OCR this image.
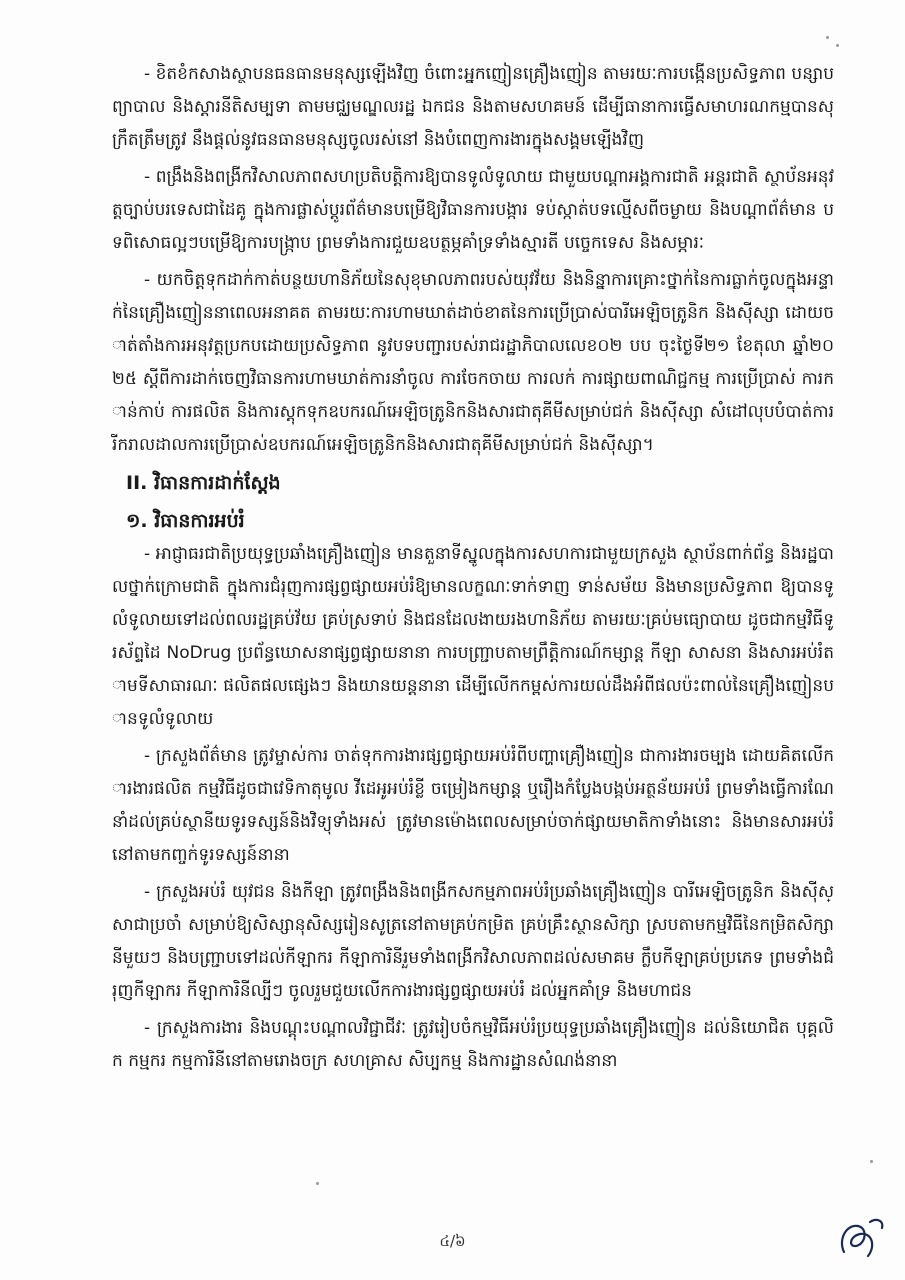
- ខិតខំកសាងស្ថាបនធនធានមនុស្សឡើងវិញ ចំពោះអ្នកញៀនគ្រឿងញៀន តាមរយៈការបង្កើនប្រសិទ្ធភាព បន្សាបព្យាបាល និងស្តារនីតិសម្បទា តាមមជ្ឈមណ្ឌលរដ្ឋ ឯកជន និងតាមសហគមន៍ ដើម្បីធានាការធ្វើសមាហរណកម្មបានសុក្រឹតត្រឹមត្រូវ នឹងផ្តល់នូវធនធានមនុស្សចូលរស់នៅ និងបំពេញការងារក្នុងសង្គមឡើងវិញ

- ពង្រឹងនិងពង្រីកវិសាលភាពសហប្រតិបត្តិការឱ្យបានទូលំទូលាយ ជាមួយបណ្តាអង្គការជាតិ អន្តរជាតិ ស្ថាប័នអនុវត្តច្បាប់បរទេសជាដៃគូ ក្នុងការផ្លាស់ប្តូរព័ត៌មានបម្រើឱ្យវិធានការបង្ការ ទប់ស្កាត់បទល្មើសពីចម្ងាយ និងបណ្តាព័ត៌មាន បទពិសោធល្អៗបម្រើឱ្យការបង្ក្រាប ព្រមទាំងការជួយឧបត្ថម្ភគាំទ្រទាំងស្មារតី បច្ចេកទេស និងសម្ភារៈ

- យកចិត្តទុកដាក់កាត់បន្ថយហានិភ័យនៃសុខុមាលភាពរបស់យុវវ័យ និងនិន្នាការគ្រោះថ្នាក់នៃការធ្លាក់ចូលក្នុងអន្ទាក់នៃគ្រឿងញៀននាពេលអនាគត តាមរយៈការហាមឃាត់ដាច់ខាតនៃការប្រើប្រាស់បារីអេឡិចត្រូនិក និងស៊ីស្សា ដោយចាត់តាំងការអនុវត្តប្រកបដោយប្រសិទ្ធភាព នូវបទបញ្ជារបស់រាជរដ្ឋាភិបាលលេខ០២ បប ចុះថ្ងៃទី២១ ខែតុលា ឆ្នាំ២០២៥ ស្តីពីការដាក់ចេញវិធានការហាមឃាត់ការនាំចូល ការចែកចាយ ការលក់ ការផ្សាយពាណិជ្ជកម្ម ការប្រើប្រាស់ ការកាន់កាប់ ការផលិត និងការស្តុកទុកឧបករណ៍អេឡិចត្រូនិកនិងសារជាតុគីមីសម្រាប់ជក់ និងស៊ីស្សា សំដៅលុបបំបាត់ការរីករាលដាលការប្រើប្រាស់ឧបករណ៍អេឡិចត្រូនិកនិងសារជាតុគីមីសម្រាប់ជក់ និងស៊ីស្សា។

II. វិធានការដាក់ស្តែង
១. វិធានការអប់រំ

- អាជ្ញាធរជាតិប្រយុទ្ធប្រឆាំងគ្រឿងញៀន មានតួនាទីស្នូលក្នុងការសហការជាមួយក្រសួង ស្ថាប័នពាក់ព័ន្ធ និងរដ្ឋបាលថ្នាក់ក្រោមជាតិ ក្នុងការជំរុញការផ្សព្វផ្សាយអប់រំឱ្យមានលក្ខណៈទាក់ទាញ ទាន់សម័យ និងមានប្រសិទ្ធភាព ឱ្យបានទូលំទូលាយទៅដល់ពលរដ្ឋគ្រប់វ័យ គ្រប់ស្រទាប់ និងជនដែលងាយរងហានិភ័យ តាមរយៈគ្រប់មធ្យោបាយ ដូចជាកម្មវិធីទូរស័ព្ទដៃ NoDrug ប្រព័ន្ធឃោសនាផ្សព្វផ្សាយនានា ការបញ្ជ្រាបតាមព្រឹត្តិការណ៍កម្សាន្ត កីឡា សាសនា និងសារអប់រំតាមទីសាធារណៈ ផលិតផលផ្សេងៗ និងយានយន្តនានា ដើម្បីលើកកម្ពស់ការយល់ដឹងអំពីផលប៉ះពាល់នៃគ្រឿងញៀនបានទូលំទូលាយ

- ក្រសួងព័ត៌មាន ត្រូវម្ចាស់ការ ចាត់ទុកការងារផ្សព្វផ្សាយអប់រំពីបញ្ហាគ្រឿងញៀន ជាការងារចម្បង ដោយគិតលើការងារផលិត កម្មវិធីដូចជាវេទិកាតុមូល វីដេអូអប់រំខ្លី ចម្រៀងកម្សាន្ត ឬរឿងកំប្លែងបង្កប់អត្ថន័យអប់រំ ព្រមទាំងធ្វើការណែនាំដល់គ្រប់ស្ថានីយទូរទស្សន៍និងវិទ្យុទាំងអស់ ត្រូវមានម៉ោងពេលសម្រាប់ចាក់ផ្សាយមាតិកាទាំងនោះ និងមានសារអប់រំនៅតាមកញ្ចក់ទូរទស្សន៍នានា

- ក្រសួងអប់រំ យុវជន និងកីឡា ត្រូវពង្រឹងនិងពង្រីកសកម្មភាពអប់រំប្រឆាំងគ្រឿងញៀន បារីអេឡិចត្រូនិក និងស៊ីស្សាជាប្រចាំ សម្រាប់ឱ្យសិស្សានុសិស្សរៀនសូត្រនៅតាមគ្រប់កម្រិត គ្រប់គ្រឹះស្ថានសិក្សា ស្របតាមកម្មវិធីនៃកម្រិតសិក្សានីមួយៗ និងបញ្ជ្រាបទៅដល់កីឡាករ កីឡាការិនីរួមទាំងពង្រីកវិសាលភាពដល់សមាគម ក្លឹបកីឡាគ្រប់ប្រភេទ ព្រមទាំងជំរុញកីឡាករ កីឡាការិនីល្បីៗ ចូលរួមជួយលើកការងារផ្សព្វផ្សាយអប់រំ ដល់អ្នកគាំទ្រ និងមហាជន

- ក្រសួងការងារ និងបណ្តុះបណ្តាលវិជ្ជាជីវៈ ត្រូវរៀបចំកម្មវិធីអប់រំប្រយុទ្ធប្រឆាំងគ្រឿងញៀន ដល់និយោជិត បុគ្គលិក កម្មករ កម្មការិនីនៅតាមរោងចក្រ សហគ្រាស សិប្បកម្ម និងការដ្ឋានសំណង់នានា

៤/៦
